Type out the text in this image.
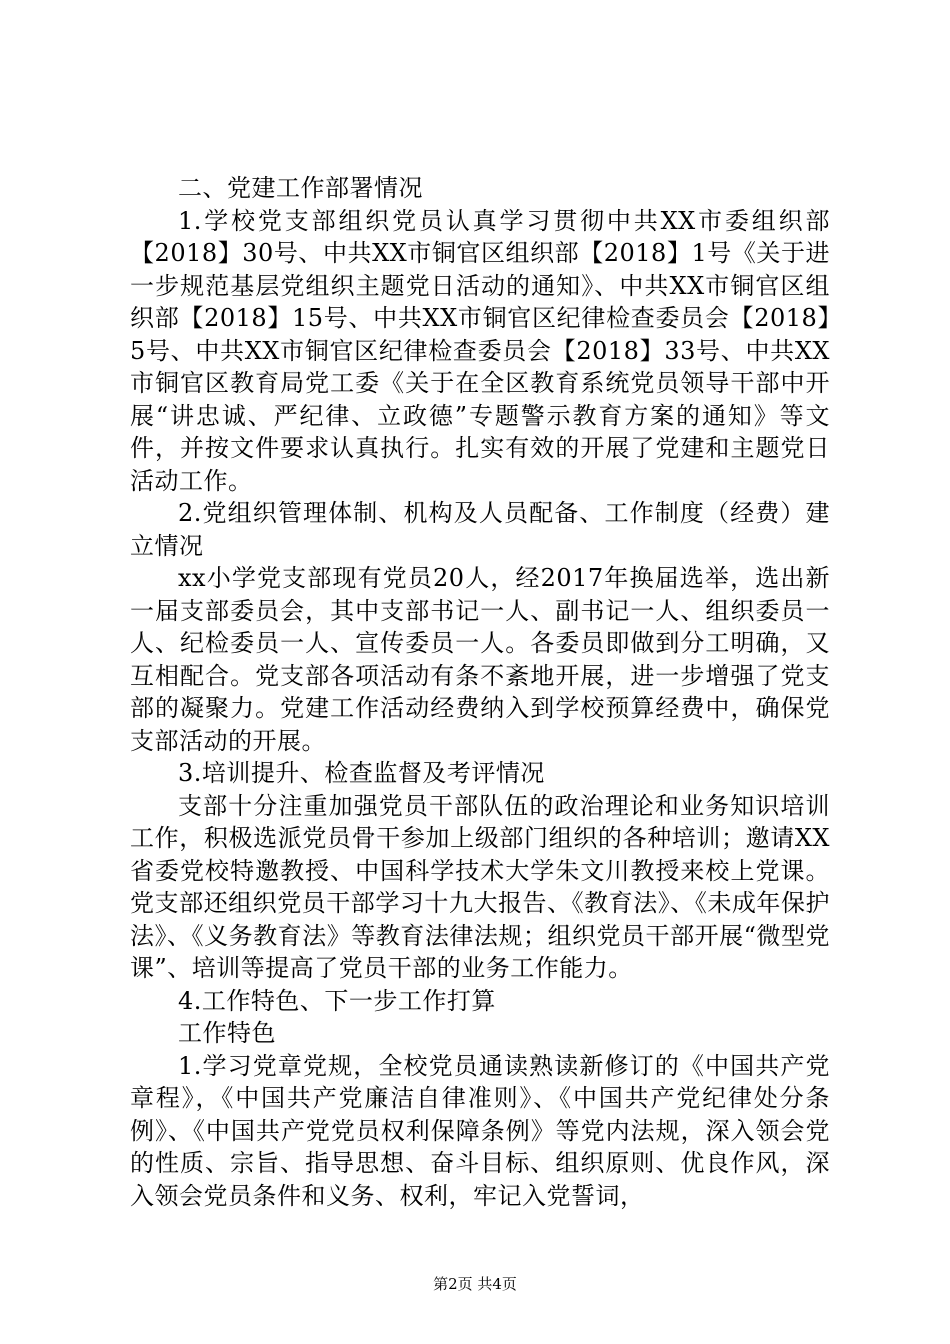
二、党建工作部署情况

1.学校党支部组织党员认真学习贯彻中共XX市委组织部【2018】30号、中共XX市铜官区组织部【2018】1号《关于进一步规范基层党组织主题党日活动的通知》、中共XX市铜官区组织部【2018】15号、中共XX市铜官区纪律检查委员会【2018】5号、中共XX市铜官区纪律检查委员会【2018】33号、中共XX市铜官区教育局党工委《关于在全区教育系统党员领导干部中开展“讲忠诚、严纪律、立政德”专题警示教育方案的通知》等文件，并按文件要求认真执行。扎实有效的开展了党建和主题党日活动工作。

2.党组织管理体制、机构及人员配备、工作制度（经费）建立情况

xx小学党支部现有党员20人，经2017年换届选举，选出新一届支部委员会，其中支部书记一人、副书记一人、组织委员一人、纪检委员一人、宣传委员一人。各委员即做到分工明确，又互相配合。党支部各项活动有条不紊地开展，进一步增强了党支部的凝聚力。党建工作活动经费纳入到学校预算经费中，确保党支部活动的开展。

3.培训提升、检查监督及考评情况

支部十分注重加强党员干部队伍的政治理论和业务知识培训工作，积极选派党员骨干参加上级部门组织的各种培训；邀请XX省委党校特邀教授、中国科学技术大学朱文川教授来校上党课。党支部还组织党员干部学习十九大报告、《教育法》、《未成年保护法》、《义务教育法》等教育法律法规；组织党员干部开展“微型党课”、培训等提高了党员干部的业务工作能力。

4.工作特色、下一步工作打算

工作特色

1.学习党章党规，全校党员通读熟读新修订的《中国共产党章程》，《中国共产党廉洁自律准则》、《中国共产党纪律处分条例》、《中国共产党党员权利保障条例》等党内法规，深入领会党的性质、宗旨、指导思想、奋斗目标、组织原则、优良作风，深入领会党员条件和义务、权利，牢记入党誓词，

第2页 共4页
